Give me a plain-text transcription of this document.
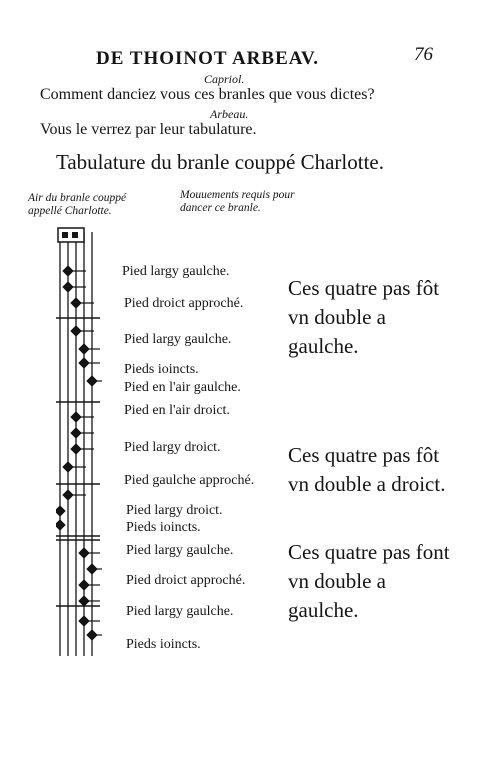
DE THOINOT ARBEAV.	76
Capriol.
Comment danciez vous ces branles que vous dictes?
Arbeau.
Vous le verrez par leur tabulature.
Tabulature du branle couppé Charlotte.
Air du branle couppé appellé Charlotte.
Mouuements requis pour dancer ce branle.
Pied largy gaulche.
Pied droict approché.
Pied largy gaulche.
Pieds ioincts.
Pied en l'air gaulche.
Pied en l'air droict.
Pied largy droict.
Pied gaulche approché.
Pied largy droict.
Pieds ioincts.
Pied largy gaulche.
Pied droict approché.
Pied largy gaulche.
Pieds ioincts.
Ces quatre pas fôt vn double a gaulche.
Ces quatre pas fôt vn double a droict.
Ces quatre pas font vn double a gaulche.
